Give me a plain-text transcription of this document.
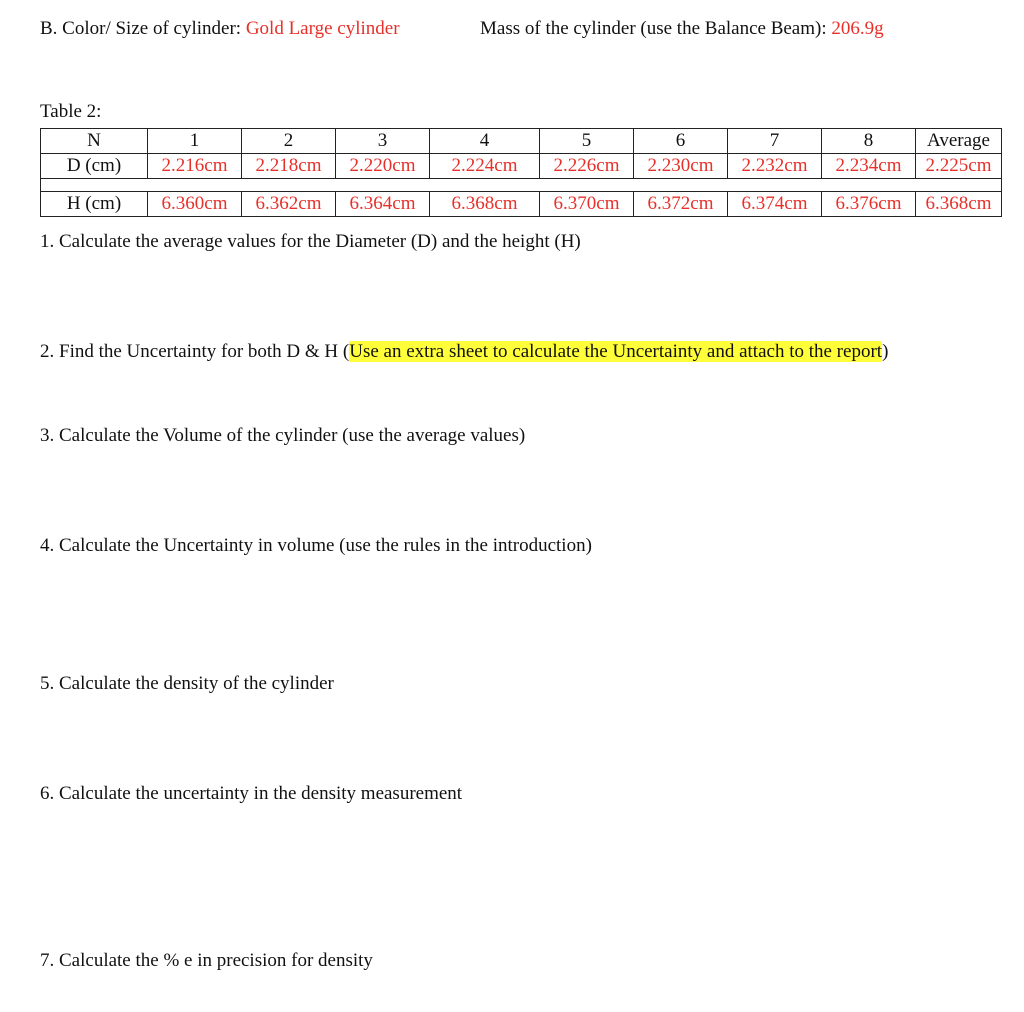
B. Color/ Size of cylinder: Gold Large cylinder	Mass of the cylinder (use the Balance Beam): 206.9g
Table 2:
N	1	2	3	4	5	6	7	8	Average
D (cm)	2.216cm	2.218cm	2.220cm	2.224cm	2.226cm	2.230cm	2.232cm	2.234cm	2.225cm

H (cm)	6.360cm	6.362cm	6.364cm	6.368cm	6.370cm	6.372cm	6.374cm	6.376cm	6.368cm
1. Calculate the average values for the Diameter (D) and the height (H)
2. Find the Uncertainty for both D & H (Use an extra sheet to calculate the Uncertainty and attach to the report)
3. Calculate the Volume of the cylinder (use the average values)
4. Calculate the Uncertainty in volume (use the rules in the introduction)
5. Calculate the density of the cylinder
6. Calculate the uncertainty in the density measurement
7. Calculate the % e in precision for density
